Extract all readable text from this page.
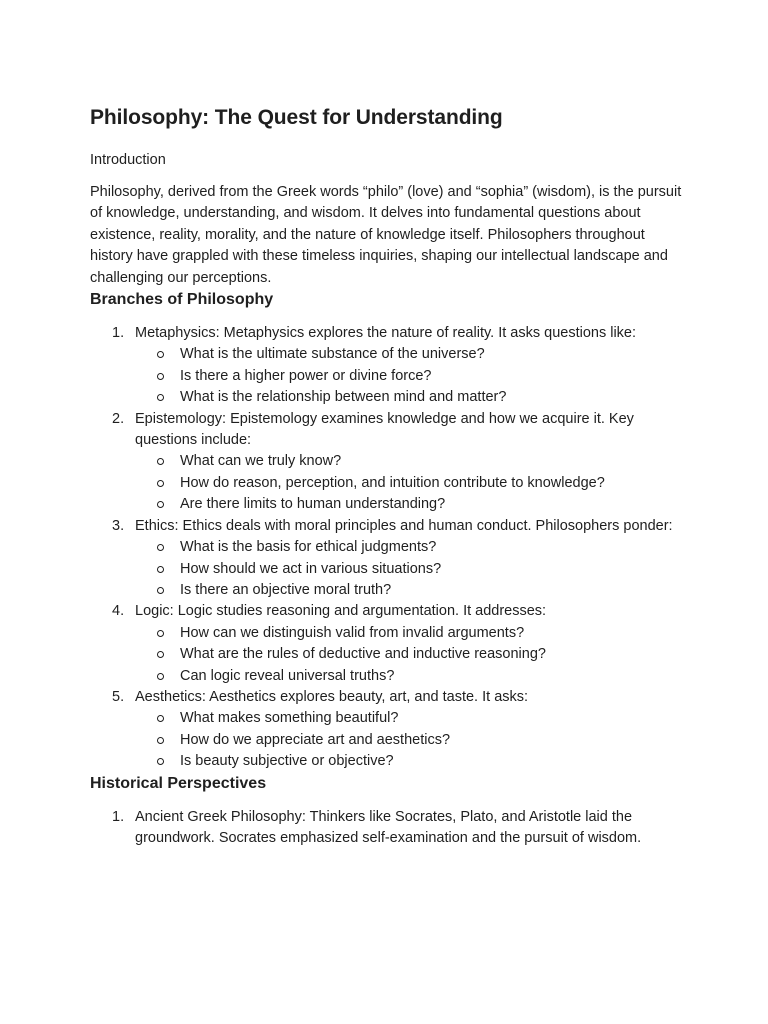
Philosophy: The Quest for Understanding

Introduction

Philosophy, derived from the Greek words “philo” (love) and “sophia” (wisdom), is the pursuit of knowledge, understanding, and wisdom. It delves into fundamental questions about existence, reality, morality, and the nature of knowledge itself. Philosophers throughout history have grappled with these timeless inquiries, shaping our intellectual landscape and challenging our perceptions.

Branches of Philosophy
1. Metaphysics: Metaphysics explores the nature of reality. It asks questions like:
What is the ultimate substance of the universe?
Is there a higher power or divine force?
What is the relationship between mind and matter?
2. Epistemology: Epistemology examines knowledge and how we acquire it. Key questions include:
What can we truly know?
How do reason, perception, and intuition contribute to knowledge?
Are there limits to human understanding?
3. Ethics: Ethics deals with moral principles and human conduct. Philosophers ponder:
What is the basis for ethical judgments?
How should we act in various situations?
Is there an objective moral truth?
4. Logic: Logic studies reasoning and argumentation. It addresses:
How can we distinguish valid from invalid arguments?
What are the rules of deductive and inductive reasoning?
Can logic reveal universal truths?
5. Aesthetics: Aesthetics explores beauty, art, and taste. It asks:
What makes something beautiful?
How do we appreciate art and aesthetics?
Is beauty subjective or objective?
Historical Perspectives
1. Ancient Greek Philosophy: Thinkers like Socrates, Plato, and Aristotle laid the groundwork. Socrates emphasized self-examination and the pursuit of wisdom.
